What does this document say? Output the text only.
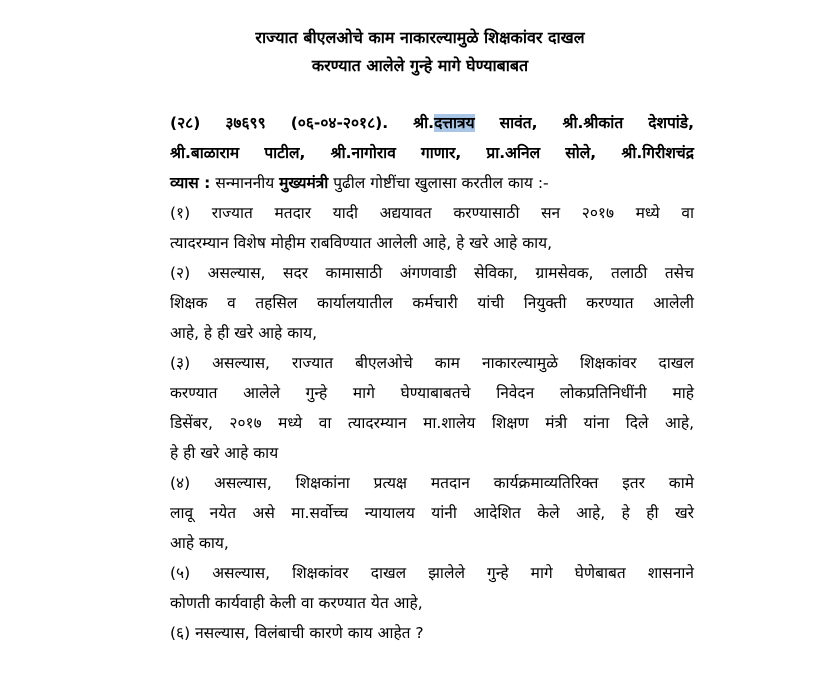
राज्यात बीएलओचे काम नाकारल्यामुळे शिक्षकांवर दाखल
करण्यात आलेले गुन्हे मागे घेण्याबाबत
(२८) ३७६९९ (०६-०४-२०१८). श्री.दत्तात्रय सावंत, श्री.श्रीकांत देशपांडे,
श्री.बाळाराम पाटील, श्री.नागोराव गाणार, प्रा.अनिल सोले, श्री.गिरीशचंद्र
व्यास : सन्माननीय मुख्यमंत्री पुढील गोष्टींचा खुलासा करतील काय :-
(१) राज्यात मतदार यादी अद्ययावत करण्यासाठी सन २०१७ मध्ये वा
त्यादरम्यान विशेष मोहीम राबविण्यात आलेली आहे, हे खरे आहे काय,
(२) असल्यास, सदर कामासाठी अंगणवाडी सेविका, ग्रामसेवक, तलाठी तसेच
शिक्षक व तहसिल कार्यालयातील कर्मचारी यांची नियुक्ती करण्यात आलेली
आहे, हे ही खरे आहे काय,
(३) असल्यास, राज्यात बीएलओचे काम नाकारल्यामुळे शिक्षकांवर दाखल
करण्यात आलेले गुन्हे मागे घेण्याबाबतचे निवेदन लोकप्रतिनिधींनी माहे
डिसेंबर, २०१७ मध्ये वा त्यादरम्यान मा.शालेय शिक्षण मंत्री यांना दिले आहे,
हे ही खरे आहे काय
(४) असल्यास, शिक्षकांना प्रत्यक्ष मतदान कार्यक्रमाव्यतिरिक्त इतर कामे
लावू नयेत असे मा.सर्वोच्च न्यायालय यांनी आदेशित केले आहे, हे ही खरे
आहे काय,
(५) असल्यास, शिक्षकांवर दाखल झालेले गुन्हे मागे घेणेबाबत शासनाने
कोणती कार्यवाही केली वा करण्यात येत आहे,
(६) नसल्यास, विलंबाची कारणे काय आहेत ?
